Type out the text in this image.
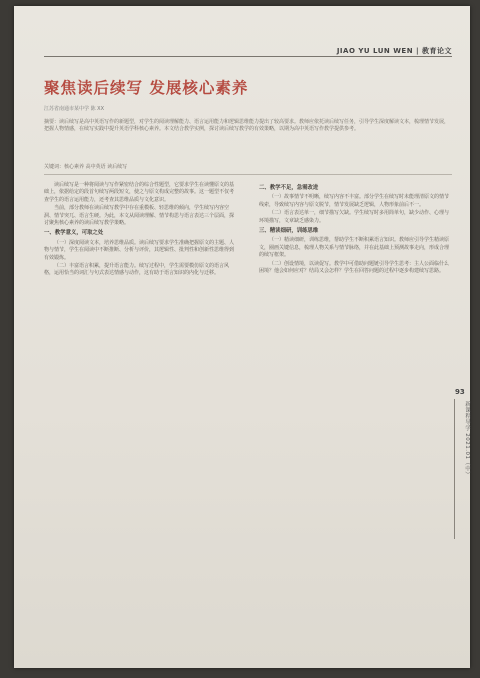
JIAO YU LUN WEN | 教育论文
聚焦读后续写 发展核心素养
江苏省南通市某中学 陈 XX

摘要：读后续写是高中英语写作的新题型，对学生的阅读理解能力、语言运用能力和逻辑思维能力提出了较高要求。教师应依托读后续写任务，引导学生深度解读文本，梳理情节发展，把握人物情感，在续写实践中提升英语学科核心素养。本文结合教学实例，探讨读后续写教学的有效策略，以期为高中英语写作教学提供参考。

关键词：核心素养 高中英语 读后续写

读后续写是一种将阅读与写作紧密结合的综合性题型，它要求学生在读懂原文的基础上，依据给定的段首句续写两段短文，使之与原文构成完整的故事。这一题型不仅考查学生的语言运用能力，还考查其思维品质与文化意识。

当前，部分教师在读后续写教学中存在重模板、轻思维的倾向，学生续写内容空洞、情节突兀、语言生硬。为此，本文从阅读理解、情节构思与语言表达三个层面，探讨聚焦核心素养的读后续写教学策略。

一、教学意义，可取之处

（一）深度阅读文本，培养思维品质。读后续写要求学生准确把握原文的主题、人物与情节，学生在阅读中不断推断、分析与评价，其逻辑性、批判性和创新性思维得到有效锻炼。

（二）丰富语言积累，提升语言能力。续写过程中，学生需要模仿原文的语言风格，运用恰当的词汇与句式表达情感与动作，这有助于语言知识的内化与迁移。

二、教学不足，急需改进

（一）故事情节不明晰，续写内容不丰富。部分学生在续写时未能理清原文的情节线索，导致续写内容与原文脱节，情节发展缺乏逻辑，人物形象前后不一。

（二）语言表达单一，细节描写欠缺。学生续写时多用简单句，缺少动作、心理与环境描写，文章缺乏感染力。

三、精读细研，训练思维

（一）精读细研，训练思维，帮助学生不断积累语言知识。教师应引导学生精读原文，圈画关键信息，梳理人物关系与情节脉络，并在此基础上预测故事走向，形成合理的续写框架。

（二）创设情境，以读促写。教学中可借助问题链引导学生思考：主人公面临什么困境？他会如何应对？结局又会怎样？学生在回答问题的过程中逐步构建续写思路。

93
新课程导学 2021.01（中）
